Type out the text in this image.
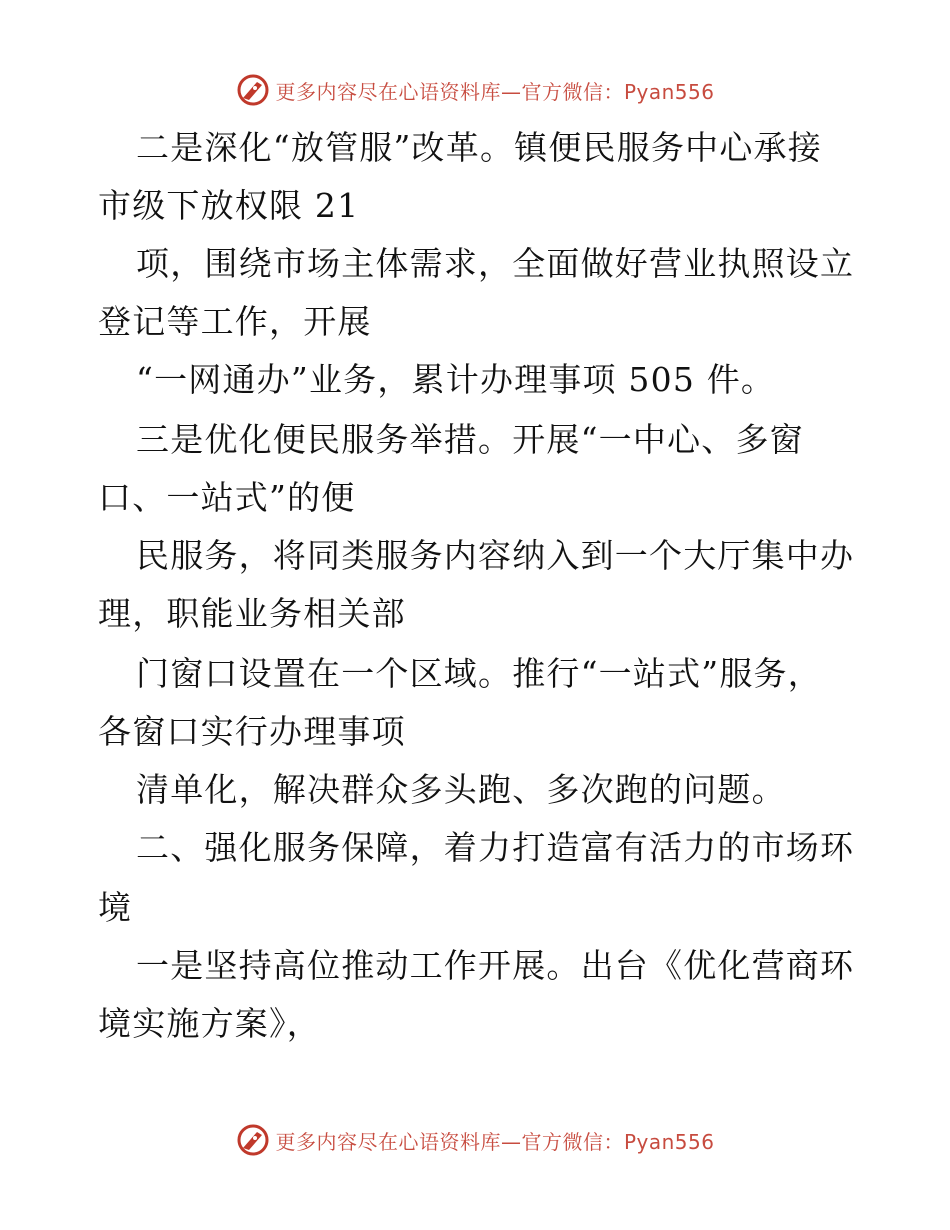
更多内容尽在心语资料库—官方微信：Pyan556
二是深化“放管服”改革。镇便民服务中心承接
市级下放权限 21
项，围绕市场主体需求，全面做好营业执照设立
登记等工作，开展
“一网通办”业务，累计办理事项 505 件。
三是优化便民服务举措。开展“一中心、多窗
口、一站式”的便
民服务，将同类服务内容纳入到一个大厅集中办
理，职能业务相关部
门窗口设置在一个区域。推行“一站式”服务，
各窗口实行办理事项
清单化，解决群众多头跑、多次跑的问题。
二、强化服务保障，着力打造富有活力的市场环
境
一是坚持高位推动工作开展。出台《优化营商环
境实施方案》，
更多内容尽在心语资料库—官方微信：Pyan556
